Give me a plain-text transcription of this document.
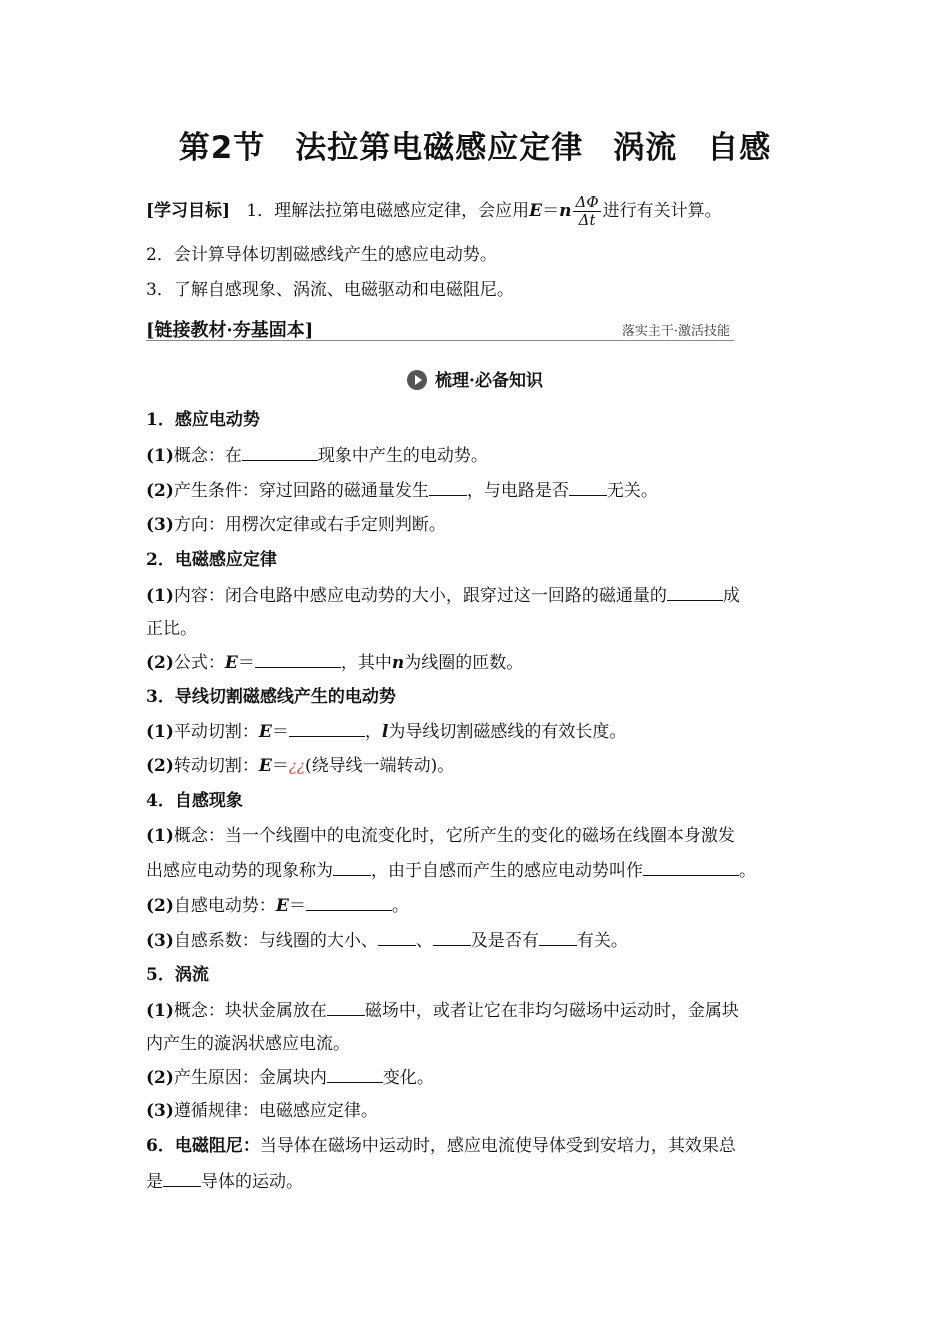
第2节 法拉第电磁感应定律 涡流 自感
[学习目标] 1．理解法拉第电磁感应定律，会应用$E=n \frac{\Delta\Phi}{\Delta t}$ 进行有关计算。
2．会计算导体切割磁感线产生的感应电动势。
3．了解自感现象、涡流、电磁驱动和电磁阻尼。
[链接教材·夯基固本]	落实主干·激活技能
梳理·必备知识
1．感应电动势
(1)概念：在	现象中产生的电动势。
(2)产生条件：穿过回路的磁通量发生 ，与电路是否 无关。
(3)方向：用楞次定律或右手定则判断。
2．电磁感应定律
(1)内容：闭合电路中感应电动势的大小，跟穿过这一回路的磁通量的	成
正比。
(2)公式：E＝	，其中n为线圈的匝数。
3．导线切割磁感线产生的电动势
(1)平动切割：E＝	，l为导线切割磁感线的有效长度。
(2)转动切割：E＝¿¿(绕导线一端转动)。
4．自感现象
(1)概念：当一个线圈中的电流变化时，它所产生的变化的磁场在线圈本身激发
出感应电动势的现象称为 ，由于自感而产生的感应电动势叫作	。
(2)自感电动势：E＝	。
(3)自感系数：与线圈的大小、 、 及是否有 有关。
5．涡流
(1)概念：块状金属放在 磁场中，或者让它在非均匀磁场中运动时，金属块
内产生的漩涡状感应电流。
(2)产生原因：金属块内	变化。
(3)遵循规律：电磁感应定律。
6．电磁阻尼：当导体在磁场中运动时，感应电流使导体受到安培力，其效果总
是 导体的运动。
